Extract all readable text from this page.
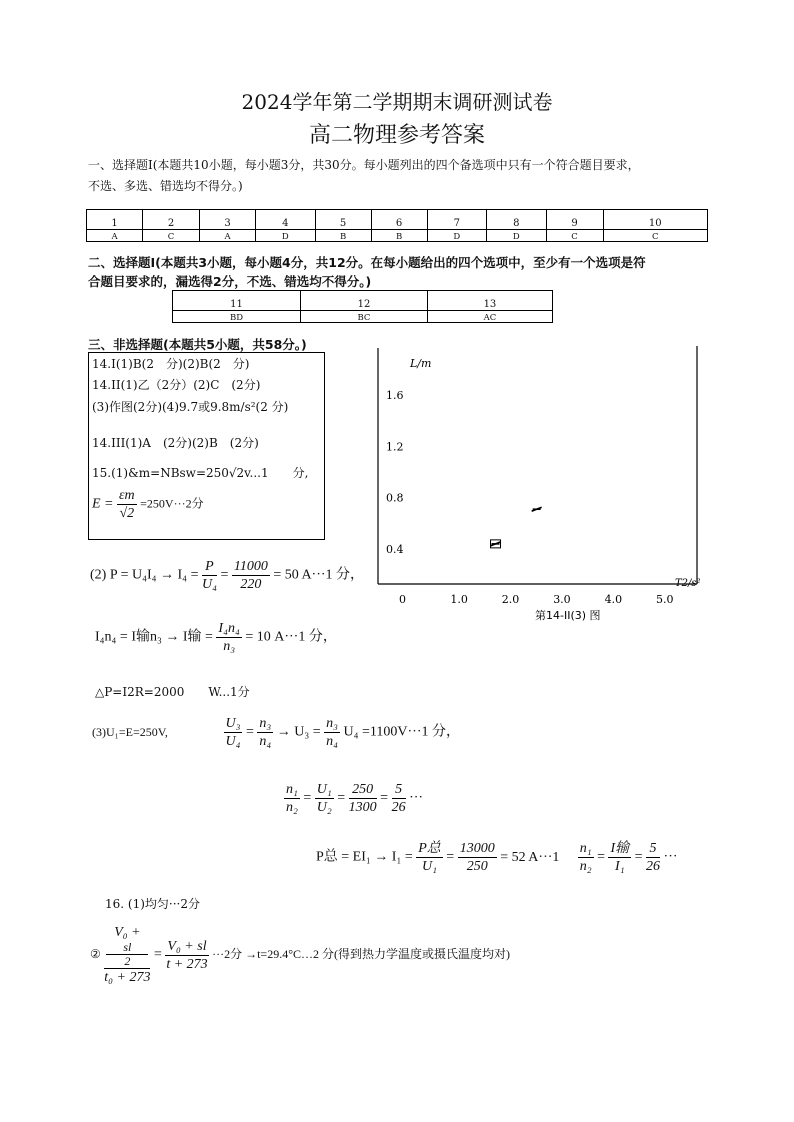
2024学年第二学期期末调研测试卷
高二物理参考答案
一、选择题I(本题共10小题，每小题3分，共30分。每小题列出的四个备选项中只有一个符合题目要求，
不选、多选、错选均不得分。)
1	2	3	4	5	6	7	8	9	10
A	C	A	D	B	B	D	D	C	C
二、选择题I(本题共3小题，每小题4分，共12分。在每小题给出的四个选项中，至少有一个选项是符
合题目要求的，漏选得2分，不选、错选均不得分。)
11	12	13
BD	BC	AC
三、非选择题(本题共5小题，共58分。)
14.I(1)B(2　分)(2)B(2　分)
14.II(1)乙（2分）(2)C　(2分)
(3)作图(2分)(4)9.7或9.8m/s²(2 分)
14.III(1)A　(2分)(2)B　(2分)
15.(1)&m=NBsw=250√2v...1　　分,
$E = \frac{\varepsilon m}{√2} =250V\cdot\cdot\cdot 2$分
(2) $P = U_4I_4 \to I_4 = \frac{P}{\text{U₄}} = \frac{11000}{220} = 50$ A···1 分，
I₄n₄ = I输n₃ → I输 = $\frac{\text{I₄n₄}}{\text{n₃}} = 10$ A···1 分，
△P=I2R=2000　　W...1分
(3)U₁=E=250V,	$\frac{\text{U₃}}{\text{U₄}} = \frac{\text{n₃}}{\text{n₄}} \to U_3 = \frac{\text{n₃}}{\text{n₄}} U_4 =1100V\cdot\cdot\cdot 1$ 分，
$\frac{\text{n₁}}{\text{n₂}} = \frac{\text{U₁}}{\text{U₂}} = \frac{250}{1300} = \frac{5}{26}$ ···
P总 = $EI_1 \to I_1 = \frac{\text{P总}}{\text{U₁}} = \frac{13000}{250} = 52$ $A\cdot\cdot\cdot 1 \frac{\text{n₁}}{\text{n₂}} = \frac{\text{I输}}{\text{I₁}} = \frac{5}{26}$ ···
16. (1)均匀···2分
② V₀ +
sl
2
$t_0 + 273 = \frac{\text{V₀ + sl}}{t + 273} \cdot\cdot\cdot 2$分 →t=29.4°C…2 分(得到热力学温度或摄氏温度均对)
L/m
T2/s²
1.6
1.2
0.8
0.4
0	1.0	2.0	3.0	4.0	5.0
第14-II(3) 图
